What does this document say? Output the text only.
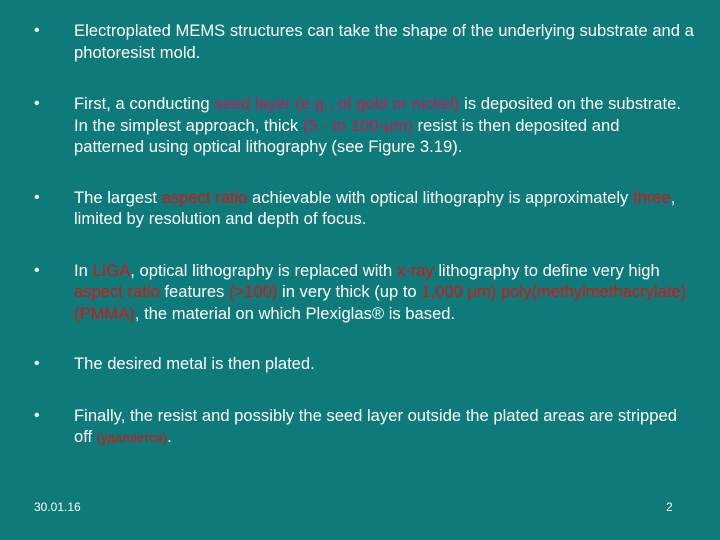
• Electroplated MEMS structures can take the shape of the underlying substrate and a photoresist mold.
• First, a conducting seed layer (e.g., of gold or nickel) is deposited on the substrate. In the simplest approach, thick (5 - to 100-μm) resist is then deposited and patterned using optical lithography (see Figure 3.19).
• The largest aspect ratio achievable with optical lithography is approximately three, limited by resolution and depth of focus.
• In LIGA, optical lithography is replaced with x-ray lithography to define very high aspect ratio features (>100) in very thick (up to 1,000 μm) poly(methylmethacrylate) (PMMA), the material on which Plexiglas® is based.
• The desired metal is then plated.
• Finally, the resist and possibly the seed layer outside the plated areas are stripped off (удаляется).
30.01.16	2
